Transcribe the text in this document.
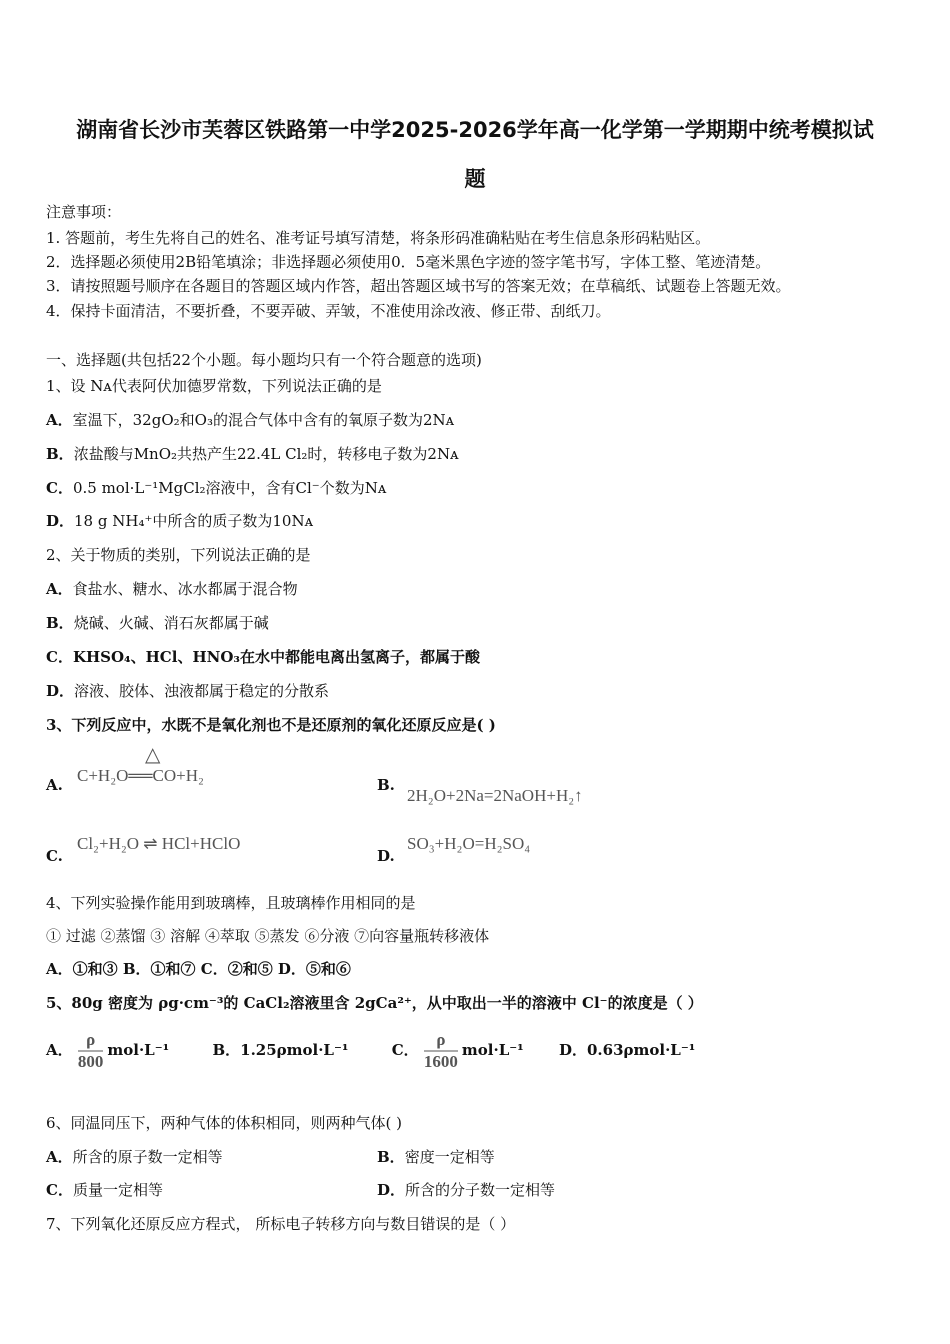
湖南省长沙市芙蓉区铁路第一中学2025-2026学年高一化学第一学期期中统考模拟试
题
注意事项：
1. 答题前，考生先将自己的姓名、准考证号填写清楚，将条形码准确粘贴在考生信息条形码粘贴区。
2．选择题必须使用2B铅笔填涂；非选择题必须使用0．5毫米黑色字迹的签字笔书写，字体工整、笔迹清楚。
3．请按照题号顺序在各题目的答题区域内作答，超出答题区域书写的答案无效；在草稿纸、试题卷上答题无效。
4．保持卡面清洁，不要折叠，不要弄破、弄皱，不准使用涂改液、修正带、刮纸刀。
一、选择题(共包括22个小题。每小题均只有一个符合题意的选项)
1、设 Nᴀ代表阿伏加德罗常数，下列说法正确的是
A．室温下，32gO₂和O₃的混合气体中含有的氧原子数为2Nᴀ
B．浓盐酸与MnO₂共热产生22.4L Cl₂时，转移电子数为2Nᴀ
C．0.5 mol·L⁻¹MgCl₂溶液中，含有Cl⁻个数为Nᴀ
D．18 g NH₄⁺中所含的质子数为10Nᴀ
2、关于物质的类别，下列说法正确的是
A．食盐水、糖水、冰水都属于混合物
B．烧碱、火碱、消石灰都属于碱
C．KHSO₄、HCl、HNO₃在水中都能电离出氢离子，都属于酸
D．溶液、胶体、浊液都属于稳定的分散系
3、下列反应中，水既不是氧化剂也不是还原剂的氧化还原反应是( )
A.
△
C+H₂O══CO+H₂	B.
2H₂O+2Na=2NaOH+H₂↑
C.
Cl₂+H₂O ⇌ HCl+HClO
D.
SO₃+H₂O=H₂SO₄
4、下列实验操作能用到玻璃棒，且玻璃棒作用相同的是
① 过滤 ②蒸馏 ③ 溶解 ④萃取 ⑤蒸发 ⑥分液 ⑦向容量瓶转移液体
A．①和③ B．①和⑦ C．②和⑤ D．⑤和⑥
5、80g 密度为 ρg·cm⁻³的 CaCl₂溶液里含 2gCa²⁺，从中取出一半的溶液中 Cl⁻的浓度是（ ）
A． $\frac{\rho}{800} mol\cdot L^{-1}$	B．1.25ρmol·L⁻¹	C． $\frac{\rho}{1600} mol\cdot L^{-1}$ D．0.63ρmol·L⁻¹
6、同温同压下，两种气体的体积相同，则两种气体( )
A．所含的原子数一定相等	B．密度一定相等
C．质量一定相等	D．所含的分子数一定相等
7、下列氧化还原反应方程式， 所标电子转移方向与数目错误的是（ ）
